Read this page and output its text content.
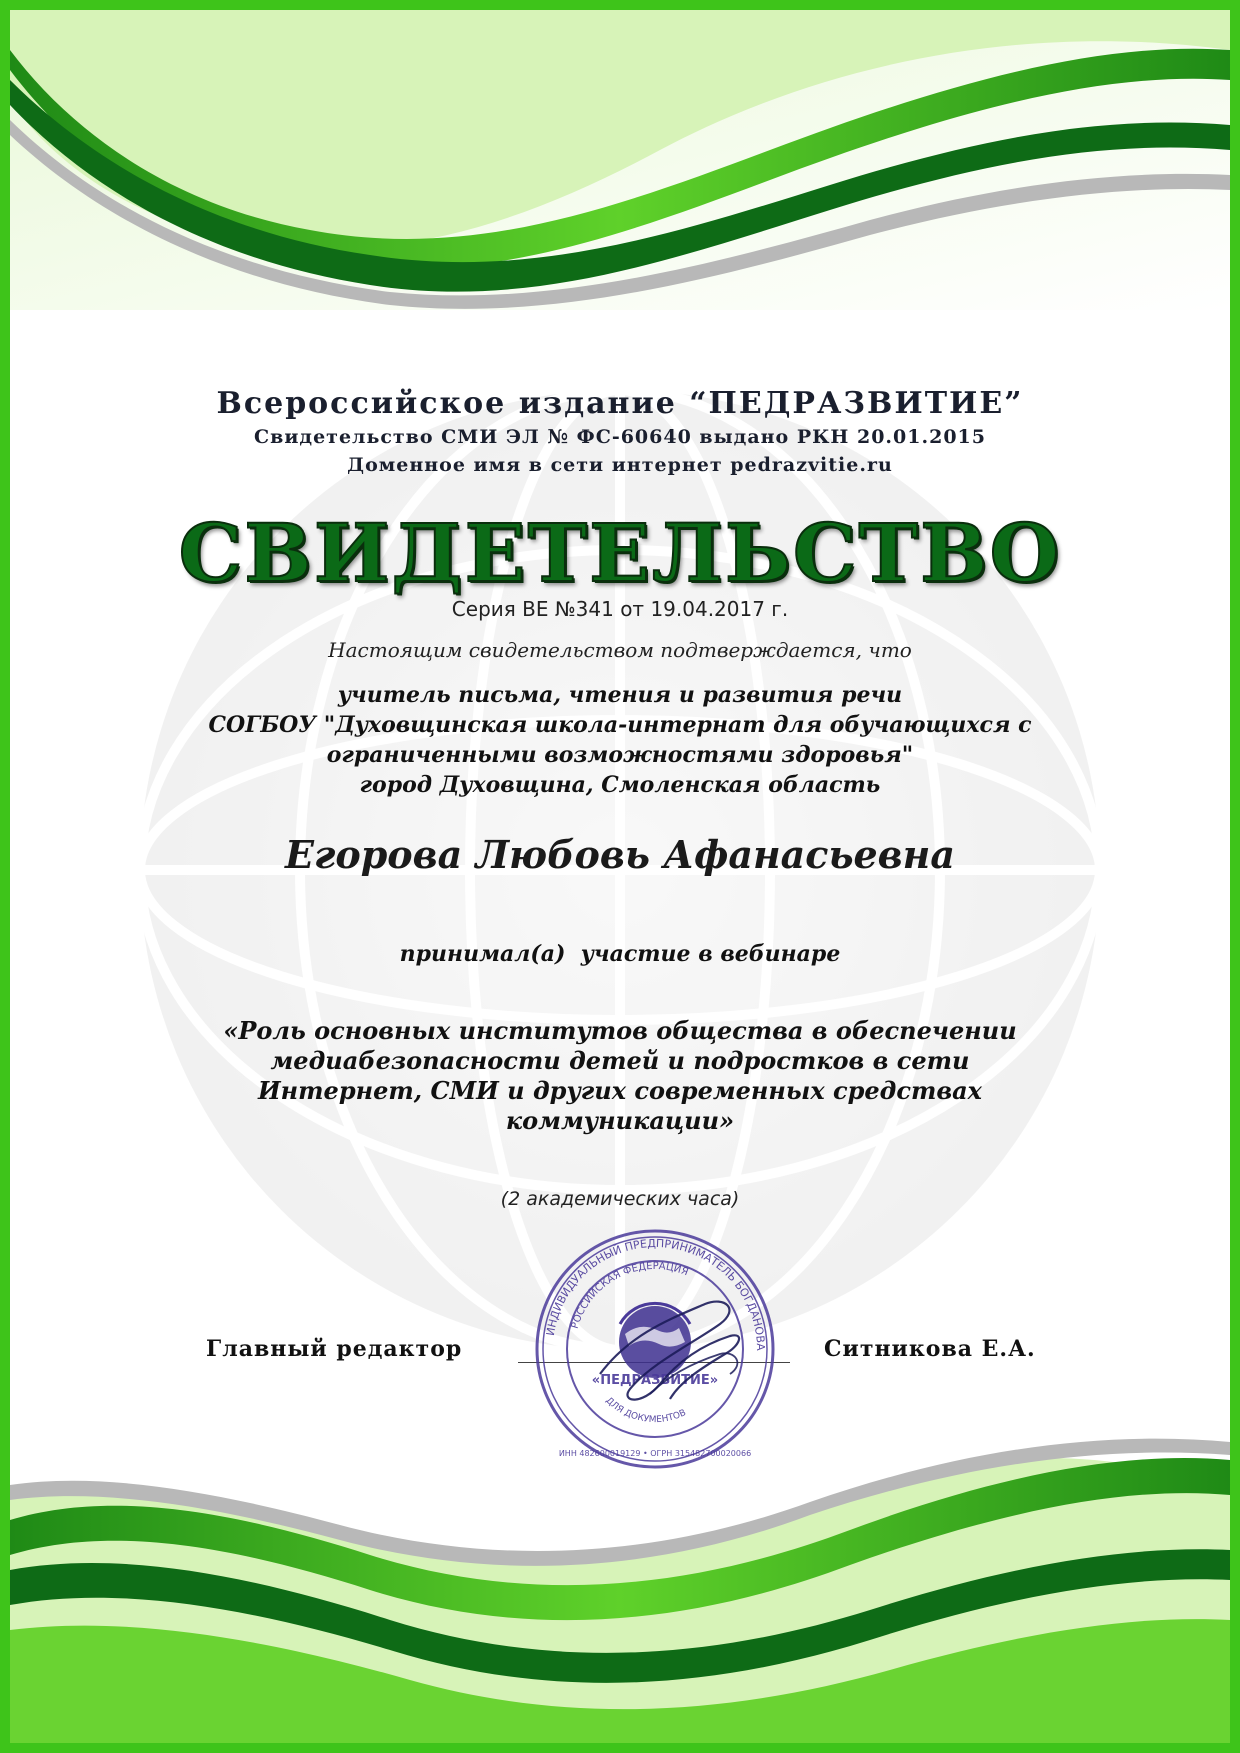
Всероссийское издание “ПЕДРАЗВИТИЕ”
Свидетельство СМИ ЭЛ № ФС-60640 выдано РКН 20.01.2015
Доменное имя в сети интернет pedrazvitie.ru
СВИДЕТЕЛЬСТВО
Серия ВЕ №341 от 19.04.2017 г.
Настоящим свидетельством подтверждается, что
учитель письма, чтения и развития речи
СОГБОУ "Духовщинская школа-интернат для обучающихся с
ограниченными возможностями здоровья"
город Духовщина, Смоленская область
Егорова Любовь Афанасьевна
принимал(а)  участие в вебинаре
«Роль основных институтов общества в обеспечении
медиабезопасности детей и подростков в сети
Интернет, СМИ и других современных средствах
коммуникации»
(2 академических часа)
Главный редактор	Ситникова Е.А.
ИНДИВИДУАЛЬНЫЙ ПРЕДПРИНИМАТЕЛЬ БОГДАНОВА
РОССИЙСКАЯ ФЕДЕРАЦИЯ
«ПЕДРАЗВИТИЕ»
ДЛЯ ДОКУМЕНТОВ
ИНН 482600019129 • ОГРН 315482700020066
